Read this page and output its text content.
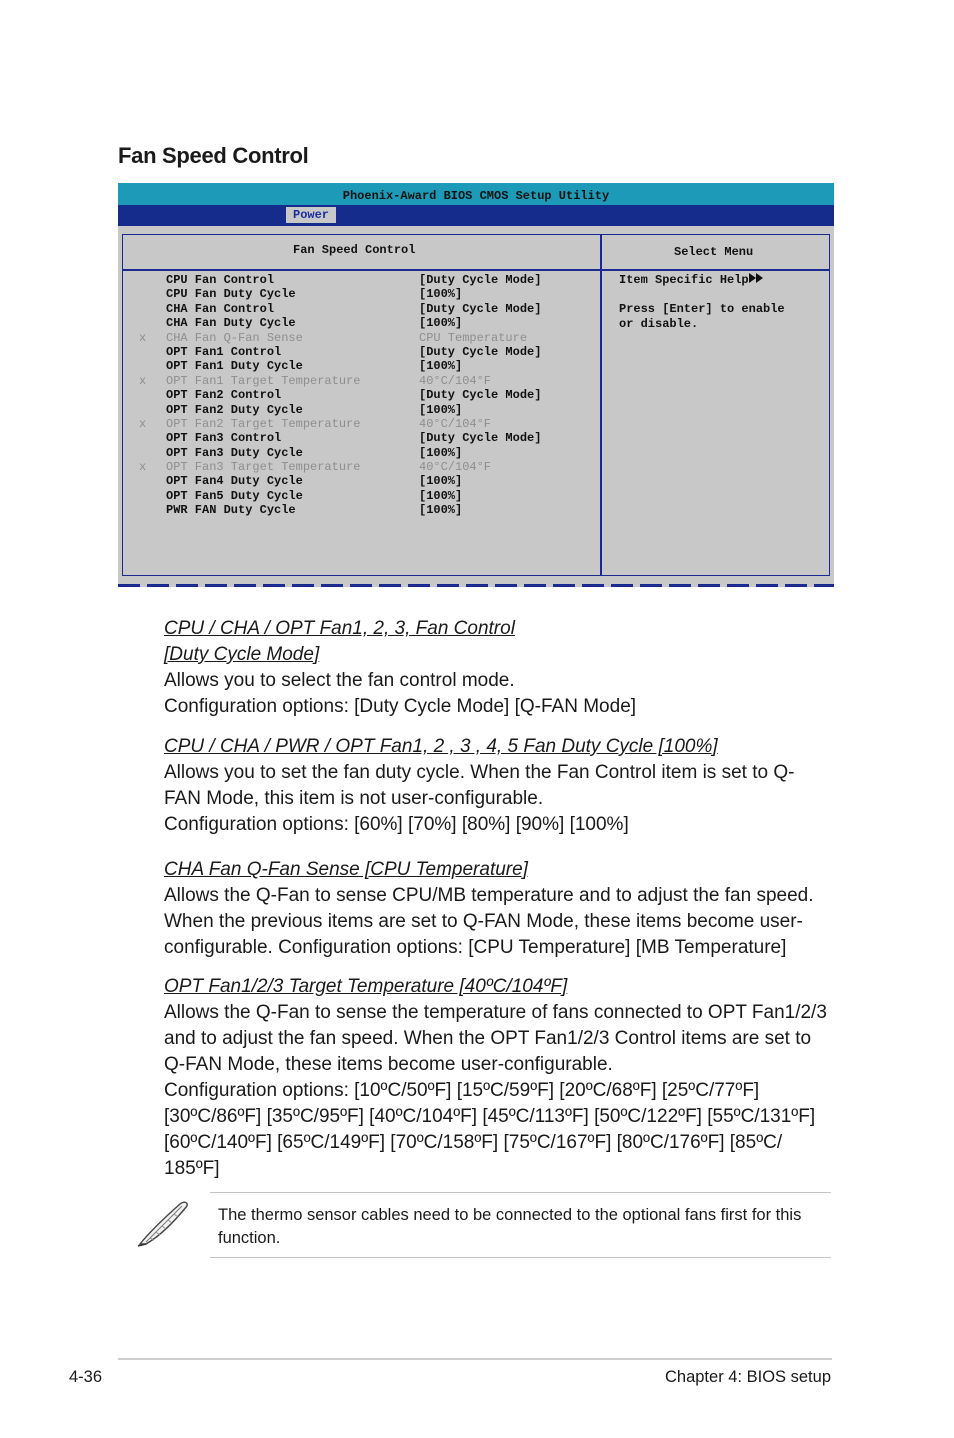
Fan Speed Control
Phoenix-Award BIOS CMOS Setup Utility
Power
Fan Speed Control	Select Menu
CPU Fan Control	[Duty Cycle Mode]
CPU Fan Duty Cycle	[100%]
CHA Fan Control	[Duty Cycle Mode]
CHA Fan Duty Cycle	[100%]
x CHA Fan Q-Fan Sense	CPU Temperature
OPT Fan1 Control	[Duty Cycle Mode]
OPT Fan1 Duty Cycle	[100%]
x OPT Fan1 Target Temperature	40°C/104°F
OPT Fan2 Control	[Duty Cycle Mode]
OPT Fan2 Duty Cycle	[100%]
x OPT Fan2 Target Temperature	40°C/104°F
OPT Fan3 Control	[Duty Cycle Mode]
OPT Fan3 Duty Cycle	[100%]
x OPT Fan3 Target Temperature	40°C/104°F
OPT Fan4 Duty Cycle	[100%]
OPT Fan5 Duty Cycle	[100%]
PWR FAN Duty Cycle	[100%]
Item Specific Help
Press [Enter] to enable
or disable.

CPU / CHA / OPT Fan1, 2, 3, Fan Control

[Duty Cycle Mode]

Allows you to select the fan control mode.
Configuration options: [Duty Cycle Mode] [Q-FAN Mode]

CPU / CHA / PWR / OPT Fan1, 2 , 3 , 4, 5 Fan Duty Cycle [100%]

Allows you to set the fan duty cycle. When the Fan Control item is set to Q-FAN Mode, this item is not user-configurable.
Configuration options: [60%] [70%] [80%] [90%] [100%]

CHA Fan Q-Fan Sense [CPU Temperature]

Allows the Q-Fan to sense CPU/MB temperature and to adjust the fan speed. When the previous items are set to Q-FAN Mode, these items become user-configurable. Configuration options: [CPU Temperature] [MB Temperature]

OPT Fan1/2/3 Target Temperature [40ºC/104ºF]

Allows the Q-Fan to sense the temperature of fans connected to OPT Fan1/2/3 and to adjust the fan speed. When the OPT Fan1/2/3 Control items are set to Q-FAN Mode, these items become user-configurable.
Configuration options: [10ºC/50ºF] [15ºC/59ºF] [20ºC/68ºF] [25ºC/77ºF] [30ºC/86ºF] [35ºC/95ºF] [40ºC/104ºF] [45ºC/113ºF] [50ºC/122ºF] [55ºC/131ºF] [60ºC/140ºF] [65ºC/149ºF] [70ºC/158ºF] [75ºC/167ºF] [80ºC/176ºF] [85ºC/ 185ºF]

The thermo sensor cables need to be connected to the optional fans first for this function.
4-36	Chapter 4: BIOS setup
